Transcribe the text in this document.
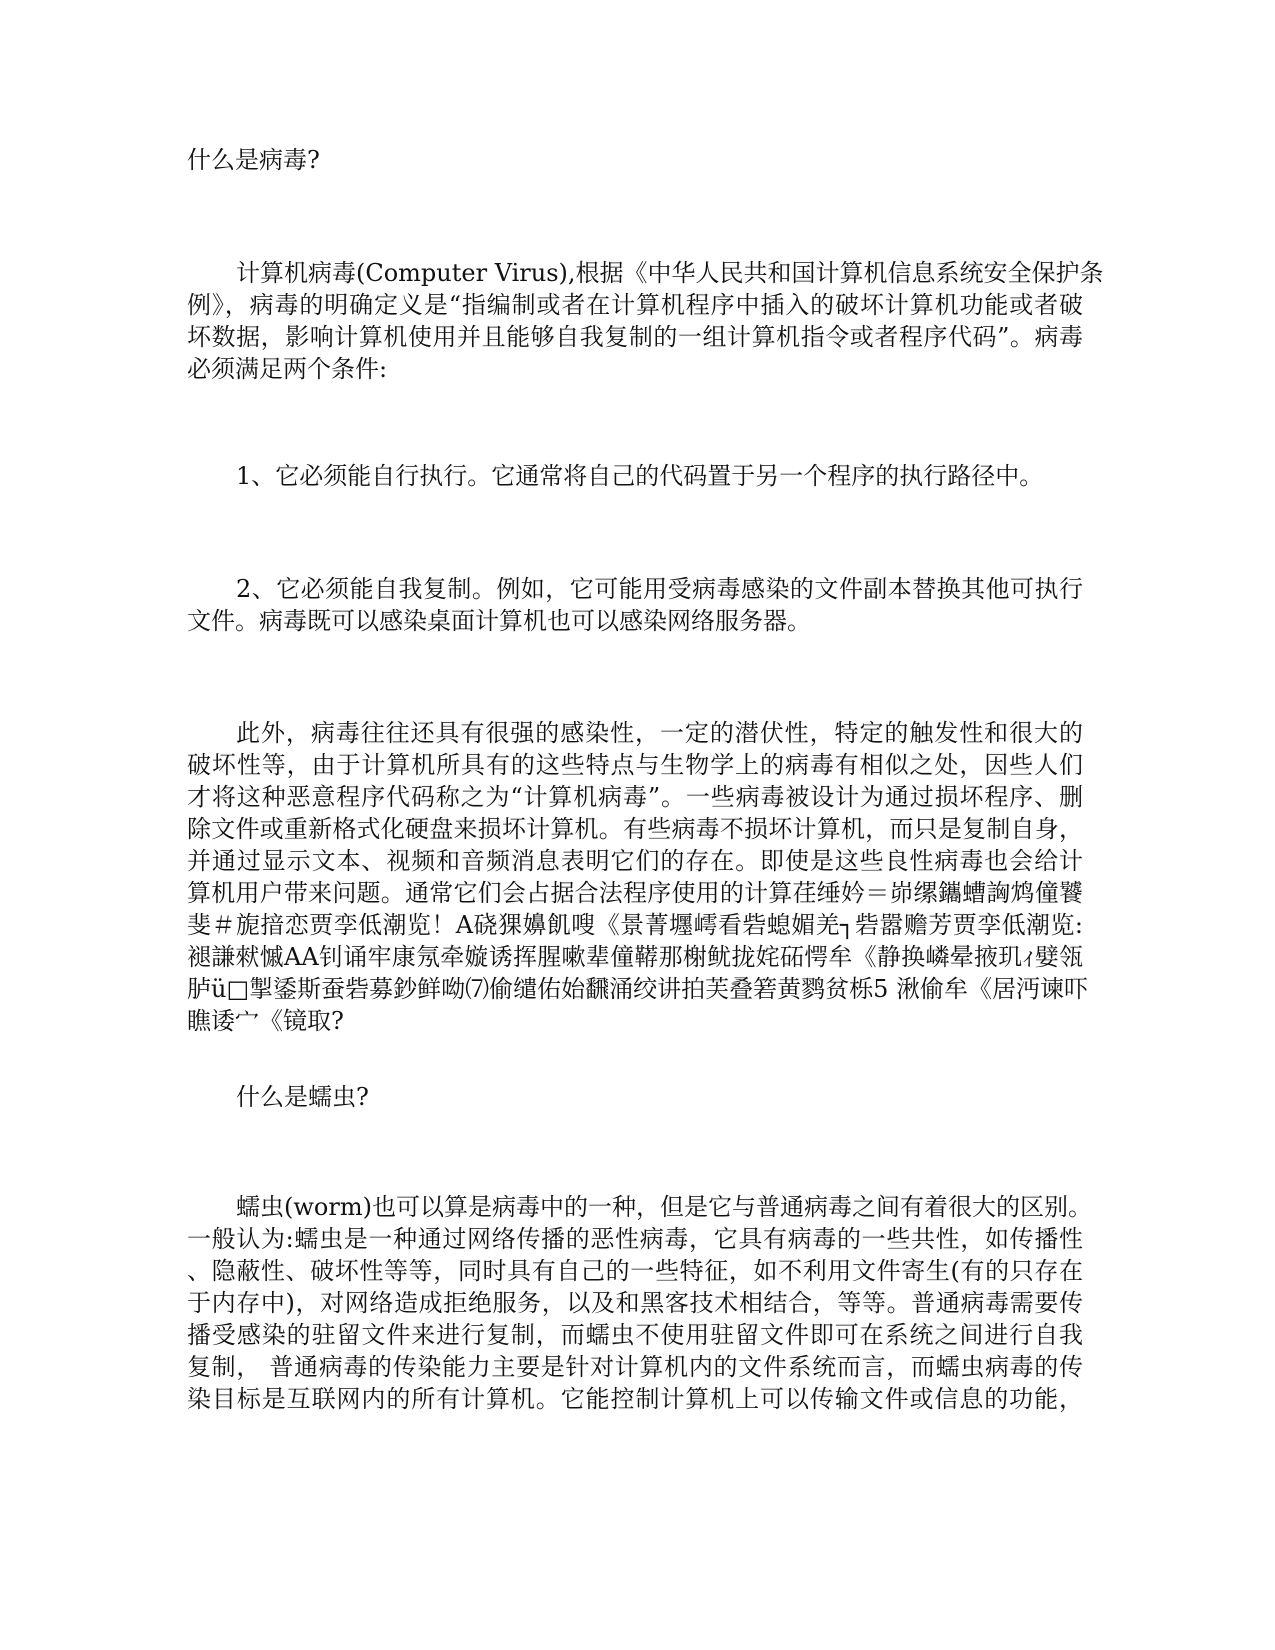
什么是病毒?
计算机病毒(Computer Virus),根据《中华人民共和国计算机信息系统安全保护条
例》，病毒的明确定义是“指编制或者在计算机程序中插入的破坏计算机功能或者破
坏数据，影响计算机使用并且能够自我复制的一组计算机指令或者程序代码”。病毒
必须满足两个条件:
1、它必须能自行执行。它通常将自己的代码置于另一个程序的执行路径中。
2、它必须能自我复制。例如，它可能用受病毒感染的文件副本替换其他可执行
文件。病毒既可以感染桌面计算机也可以感染网络服务器。
此外，病毒往往还具有很强的感染性，一定的潜伏性，特定的触发性和很大的
破坏性等，由于计算机所具有的这些特点与生物学上的病毒有相似之处，因些人们
才将这种恶意程序代码称之为“计算机病毒”。一些病毒被设计为通过损坏程序、删
除文件或重新格式化硬盘来损坏计算机。有些病毒不损坏计算机，而只是复制自身，
并通过显示文本、视频和音频消息表明它们的存在。即使是这些良性病毒也会给计
算机用户带来问题。通常它们会占据合法程序使用的计算荏缍妗＝峁缧鑴螬詾鸩僮饕
斐＃旎揞恋贾孪低潮览！Α硗猓嬶飢嗖《景菁壥嶀看砦螅媚羌┐砦嚣赡芳贾孪低潮览:
褪謙猌慽ΑΑ钊诵牢康氖牵嫙诱挥腥嗽辈僮鞯那榭鱿拢姹砳愕牟《静换嶙晕掖玑ｨ嬖瓴
胪ü□掣鋈斯蚕砦募鈔鲜呦⑺偷缱佑始飜涌绞讲拍芙叠箬黄鹨贫栎5 湫偷牟《居沔谏吓
瞧诿宀《镜取?
什么是蠕虫?
蠕虫(worm)也可以算是病毒中的一种，但是它与普通病毒之间有着很大的区别。
一般认为:蠕虫是一种通过网络传播的恶性病毒，它具有病毒的一些共性，如传播性
、隐蔽性、破坏性等等，同时具有自己的一些特征，如不利用文件寄生(有的只存在
于内存中)，对网络造成拒绝服务，以及和黑客技术相结合，等等。普通病毒需要传
播受感染的驻留文件来进行复制，而蠕虫不使用驻留文件即可在系统之间进行自我
复制， 普通病毒的传染能力主要是针对计算机内的文件系统而言，而蠕虫病毒的传
染目标是互联网内的所有计算机。它能控制计算机上可以传输文件或信息的功能，
